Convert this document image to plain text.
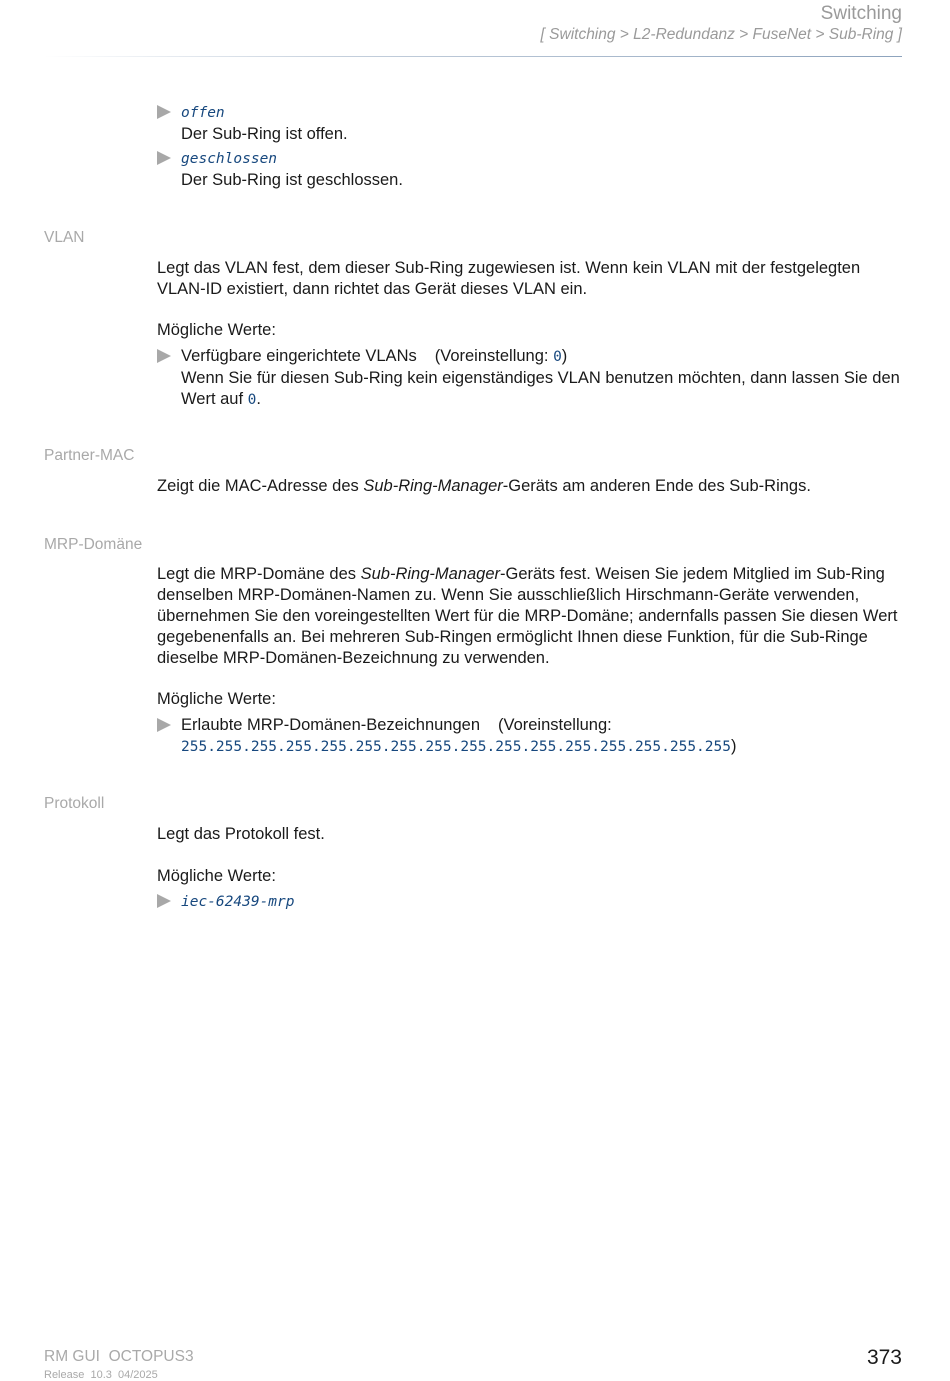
Switching
[ Switching > L2-Redundanz > FuseNet > Sub-Ring ]
offen
Der Sub-Ring ist offen.
geschlossen
Der Sub-Ring ist geschlossen.
VLAN
Legt das VLAN fest, dem dieser Sub-Ring zugewiesen ist. Wenn kein VLAN mit der festgelegten VLAN-ID existiert, dann richtet das Gerät dieses VLAN ein.
Mögliche Werte:
Verfügbare eingerichtete VLANs (Voreinstellung: 0)
Wenn Sie für diesen Sub-Ring kein eigenständiges VLAN benutzen möchten, dann lassen Sie den Wert auf 0.
Partner-MAC
Zeigt die MAC-Adresse des Sub-Ring-Manager-Geräts am anderen Ende des Sub-Rings.
MRP-Domäne
Legt die MRP-Domäne des Sub-Ring-Manager-Geräts fest. Weisen Sie jedem Mitglied im Sub-Ring denselben MRP-Domänen-Namen zu. Wenn Sie ausschließlich Hirschmann-Geräte verwenden, übernehmen Sie den voreingestellten Wert für die MRP-Domäne; andernfalls passen Sie diesen Wert gegebenenfalls an. Bei mehreren Sub-Ringen ermöglicht Ihnen diese Funktion, für die Sub-Ringe dieselbe MRP-Domänen-Bezeichnung zu verwenden.
Mögliche Werte:
Erlaubte MRP-Domänen-Bezeichnungen (Voreinstellung:
255.255.255.255.255.255.255.255.255.255.255.255.255.255.255.255)
Protokoll
Legt das Protokoll fest.
Mögliche Werte:
iec-62439-mrp
RM GUI  OCTOPUS3
Release  10.3  04/2025
373
